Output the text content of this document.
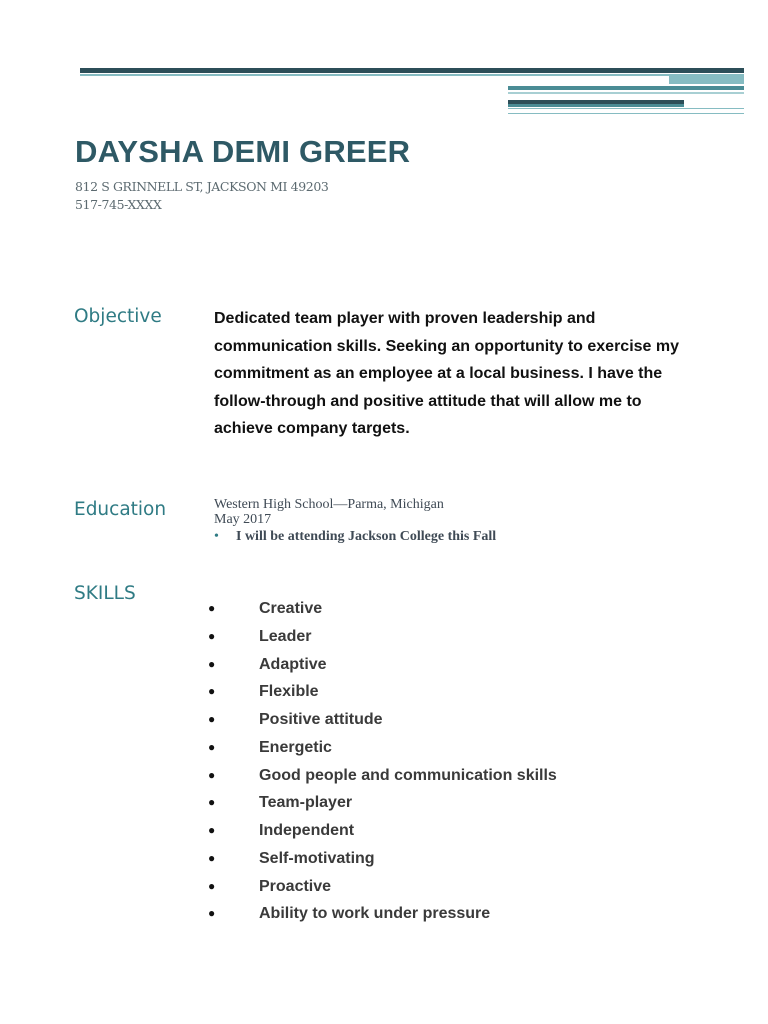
DAYSHA DEMI GREER
812 S GRINNELL ST, JACKSON MI 49203
517-745-XXXX
Objective	Dedicated team player with proven leadership and
communication skills. Seeking an opportunity to exercise my
commitment as an employee at a local business. I have the
follow-through and positive attitude that will allow me to
achieve company targets.
Education	Western High School—Parma, Michigan
May 2017
• I will be attending Jackson College this Fall
SKILLS
●	Creative
●	Leader
●	Adaptive
●	Flexible
●	Positive attitude
●	Energetic
●	Good people and communication skills
●	Team-player
●	Independent
●	Self-motivating
●	Proactive
●	Ability to work under pressure
